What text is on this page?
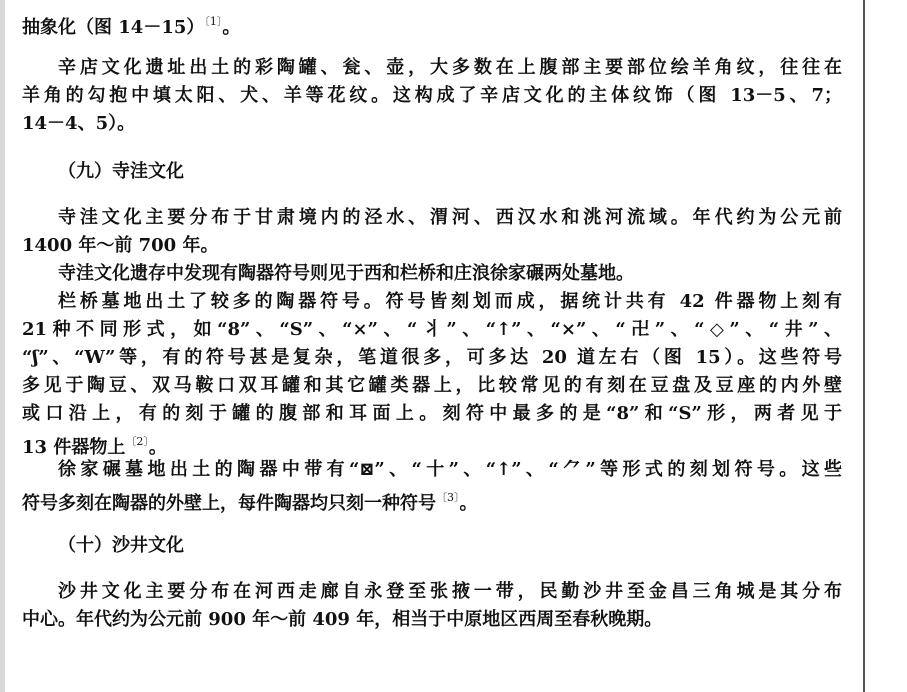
抽象化（图 14－15）$^{〔1〕}$。
辛店文化遗址出土的彩陶罐、瓮、壶，大多数在上腹部主要部位绘羊角纹，往往在
羊角的勾抱中填太阳、犬、羊等花纹。这构成了辛店文化的主体纹饰（图 13－5、7；
14－4、5）。
（九）寺洼文化
寺洼文化主要分布于甘肃境内的泾水、渭河、西汉水和洮河流域。年代约为公元前
1400 年～前 700 年。
寺洼文化遗存中发现有陶器符号则见于西和栏桥和庄浪徐家碾两处墓地。
栏桥墓地出土了较多的陶器符号。符号皆刻划而成，据统计共有 42 件器物上刻有
21种不同形式，如“8”、“S”、“×”、“⺦”、“↑”、“×”、“卍”、“◇”、“井”、
“ʃ”、“W”等，有的符号甚是复杂，笔道很多，可多达 20 道左右（图 15）。这些符号
多见于陶豆、双马鞍口双耳罐和其它罐类器上，比较常见的有刻在豆盘及豆座的内外壁
或口沿上，有的刻于罐的腹部和耳面上。刻符中最多的是“8”和“S”形，两者见于
13 件器物上$^{〔2〕}$。
徐家碾墓地出土的陶器中带有“⊠”、“十”、“↑”、“⺈”等形式的刻划符号。这些
符号多刻在陶器的外壁上，每件陶器均只刻一种符号$^{〔3〕}$。
（十）沙井文化
沙井文化主要分布在河西走廊自永登至张掖一带，民勤沙井至金昌三角城是其分布
中心。年代约为公元前 900 年～前 409 年，相当于中原地区西周至春秋晚期。
